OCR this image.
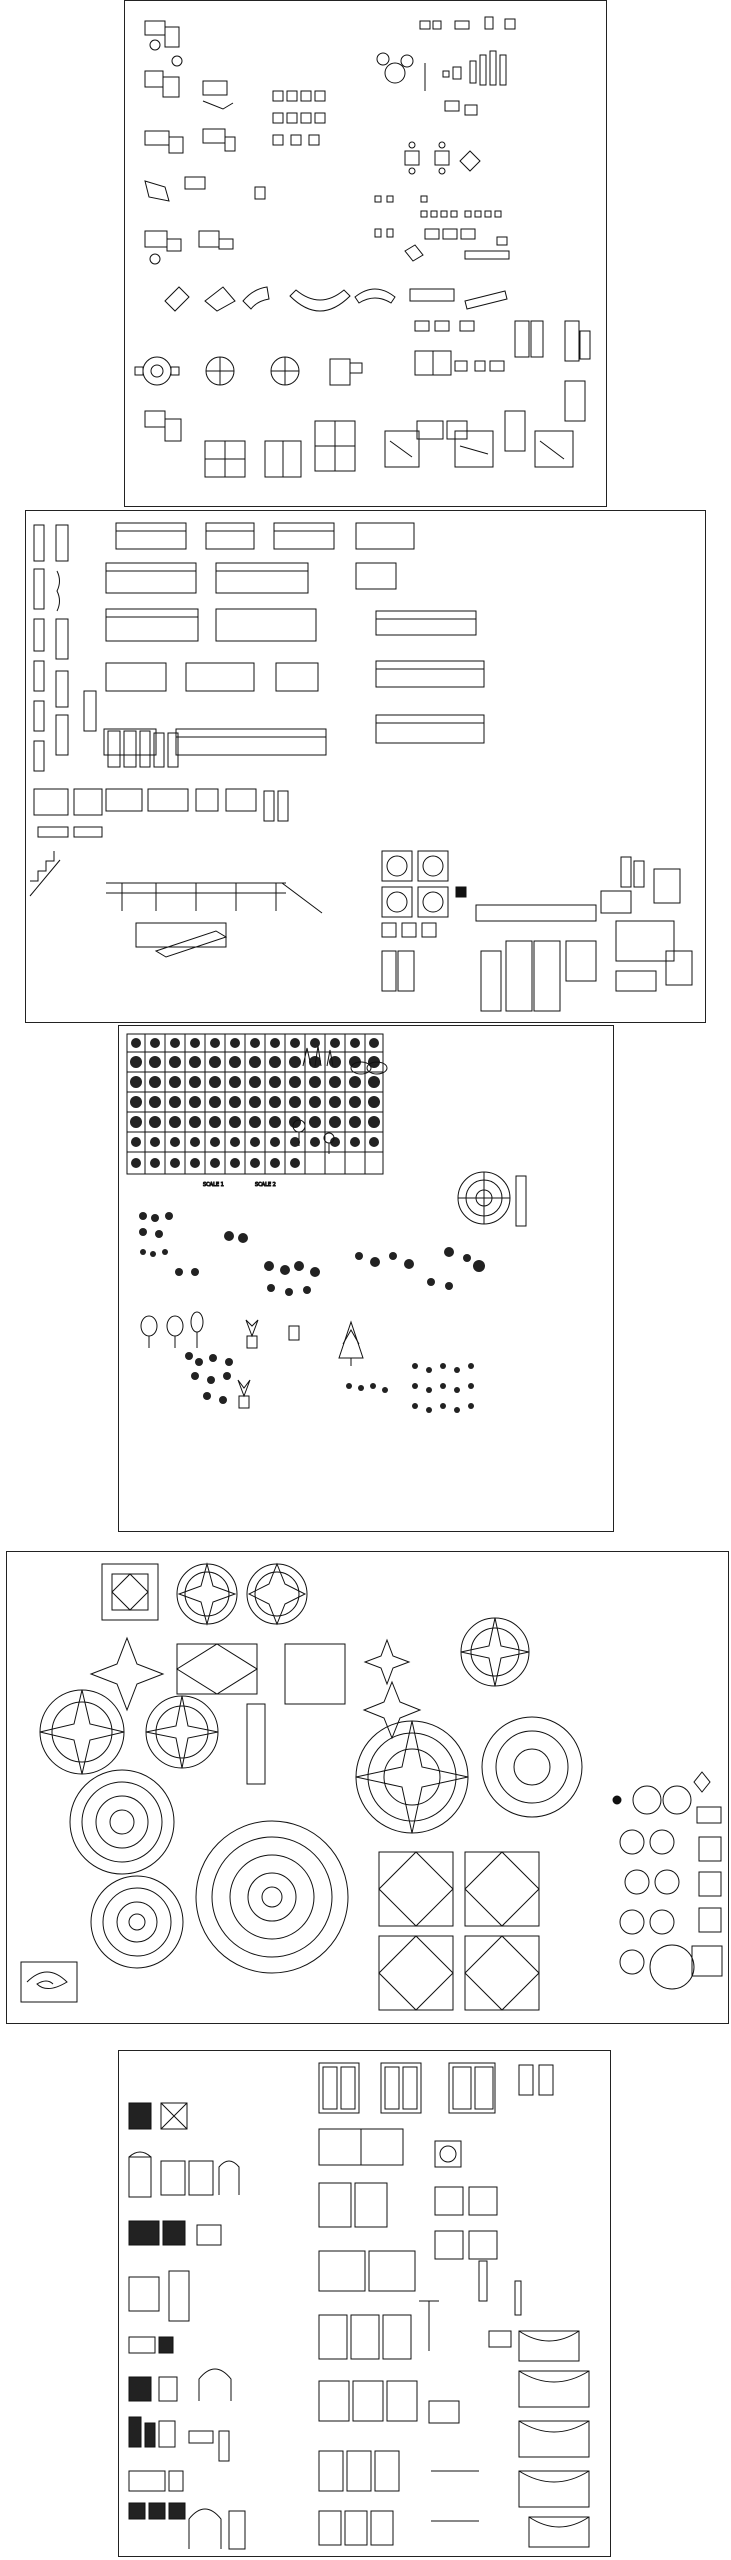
SCALE 1	SCALE 2
